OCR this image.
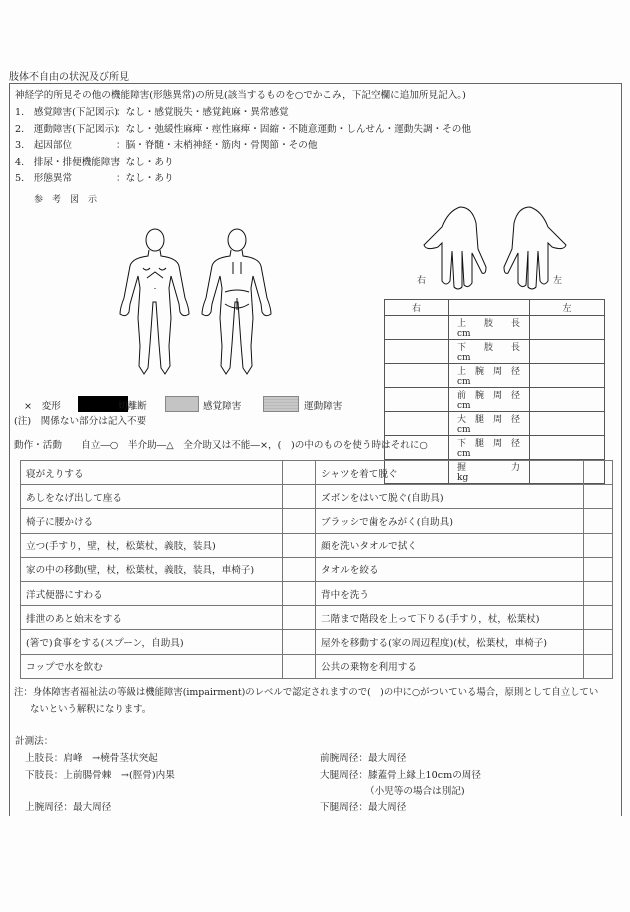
肢体不自由の状況及び所見
神経学的所見その他の機能障害(形態異常)の所見(該当するものを○でかこみ，下記空欄に追加所見記入。)
1.　感覚障害(下記図示)
：なし・感覚脱失・感覚鈍麻・異常感覚
2.　運動障害(下記図示)
：なし・弛緩性麻痺・痙性麻痺・固縮・不随意運動・しんせん・運動失調・その他
3.　起因部位	：脳・脊髄・末梢神経・筋肉・骨関節・その他
4.　排尿・排便機能障害
：なし・あり
5.　形態異常	：なし・あり
参　考　図　示
右	左
右		左
	上　　肢　　長cm	
	下　　肢　　長cm	
	上　腕　周　径cm	
	前　腕　周　径cm	
	大　腿　周　径cm	
	下　腿　周　径cm	
	握　　　　　力kg	
×　変形	切離断	感覚障害	運動障害
(注)　関係ない部分は記入不要
動作・活動　　自立―○　半介助―△　全介助又は不能―×，(　)の中のものを使う時はそれに○
寝がえりする		シャツを着て脱ぐ	
あしをなげ出して座る		ズボンをはいて脱ぐ(自助具)	
椅子に腰かける		ブラッシで歯をみがく(自助具)	
立つ(手すり，壁，杖，松葉杖，義肢，装具)		顔を洗いタオルで拭く	
家の中の移動(壁，杖，松葉杖，義肢，装具，車椅子)		タオルを絞る	
洋式便器にすわる		背中を洗う	
排泄のあと始末をする		二階まで階段を上って下りる(手すり，杖，松葉杖)	
(箸で)食事をする(スプーン，自助具)		屋外を移動する(家の周辺程度)(杖，松葉杖，車椅子)	
コップで水を飲む		公共の乗物を利用する	
注：身体障害者福祉法の等級は機能障害(impairment)のレベルで認定されますので(　)の中に○がついている場合，原則として自立してい
ないという解釈になります。
計測法：
上肢長：肩峰　→橈骨茎状突起
下肢長：上前腸骨棘　→(脛骨)内果
上腕周径：最大周径
前腕周径：最大周径
大腿周径：膝蓋骨上縁上10cmの周径
（小児等の場合は別記)
下腿周径：最大周径
